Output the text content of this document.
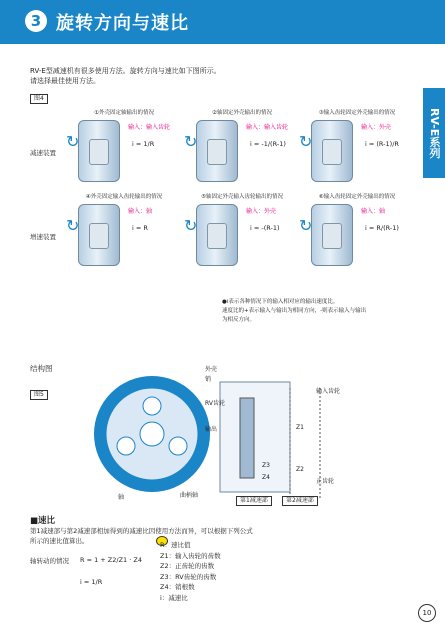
3 旋转方向与速比
RV-E系列
RV-E型减速机有很多使用方法。旋转方向与速比如下图所示。
请选择最佳使用方法。
图4
减速装置
增速装置
①外壳固定轴输出的情况
↻
输入：输入齿轮
i = 1/R
②轴固定外壳输出的情况
↻
输入：输入齿轮
i = -1/(R-1)
③输入齿轮固定外壳输出的情况
↻
输入：外壳
i = (R-1)/R
④外壳固定输入齿轮输出的情况
↻
输入：轴
i = R
⑤轴固定外壳输入齿轮输出的情况
↻
输入：外壳
i = -(R-1)
⑥输入齿轮固定外壳输出的情况
↻
输入：轴
i = R/(R-1)
●i表示各种情况下的输入相对应的输出速度比。
速度比的+表示输入与输出为相同方向，-则表示输入与输出
为相反方向。
结构图
图5
外壳
销
RV齿轮
输出
输入齿轮
正齿轮
轴	曲柄轴
Z1
Z2
Z3
Z4
第1减速部	第2减速部
■速比
第1减速部与第2减速部相加得到的减速比因使用方法而异，可以根据下列公式
所示的速比值算出。
轴转动的情况 R = 1 + Z2/Z1 · Z4
i = 1/R
R：速比值
Z1：输入齿轮的齿数
Z2：正齿轮的齿数
Z3：RV齿轮的齿数
Z4：销根数
i：减速比
10
